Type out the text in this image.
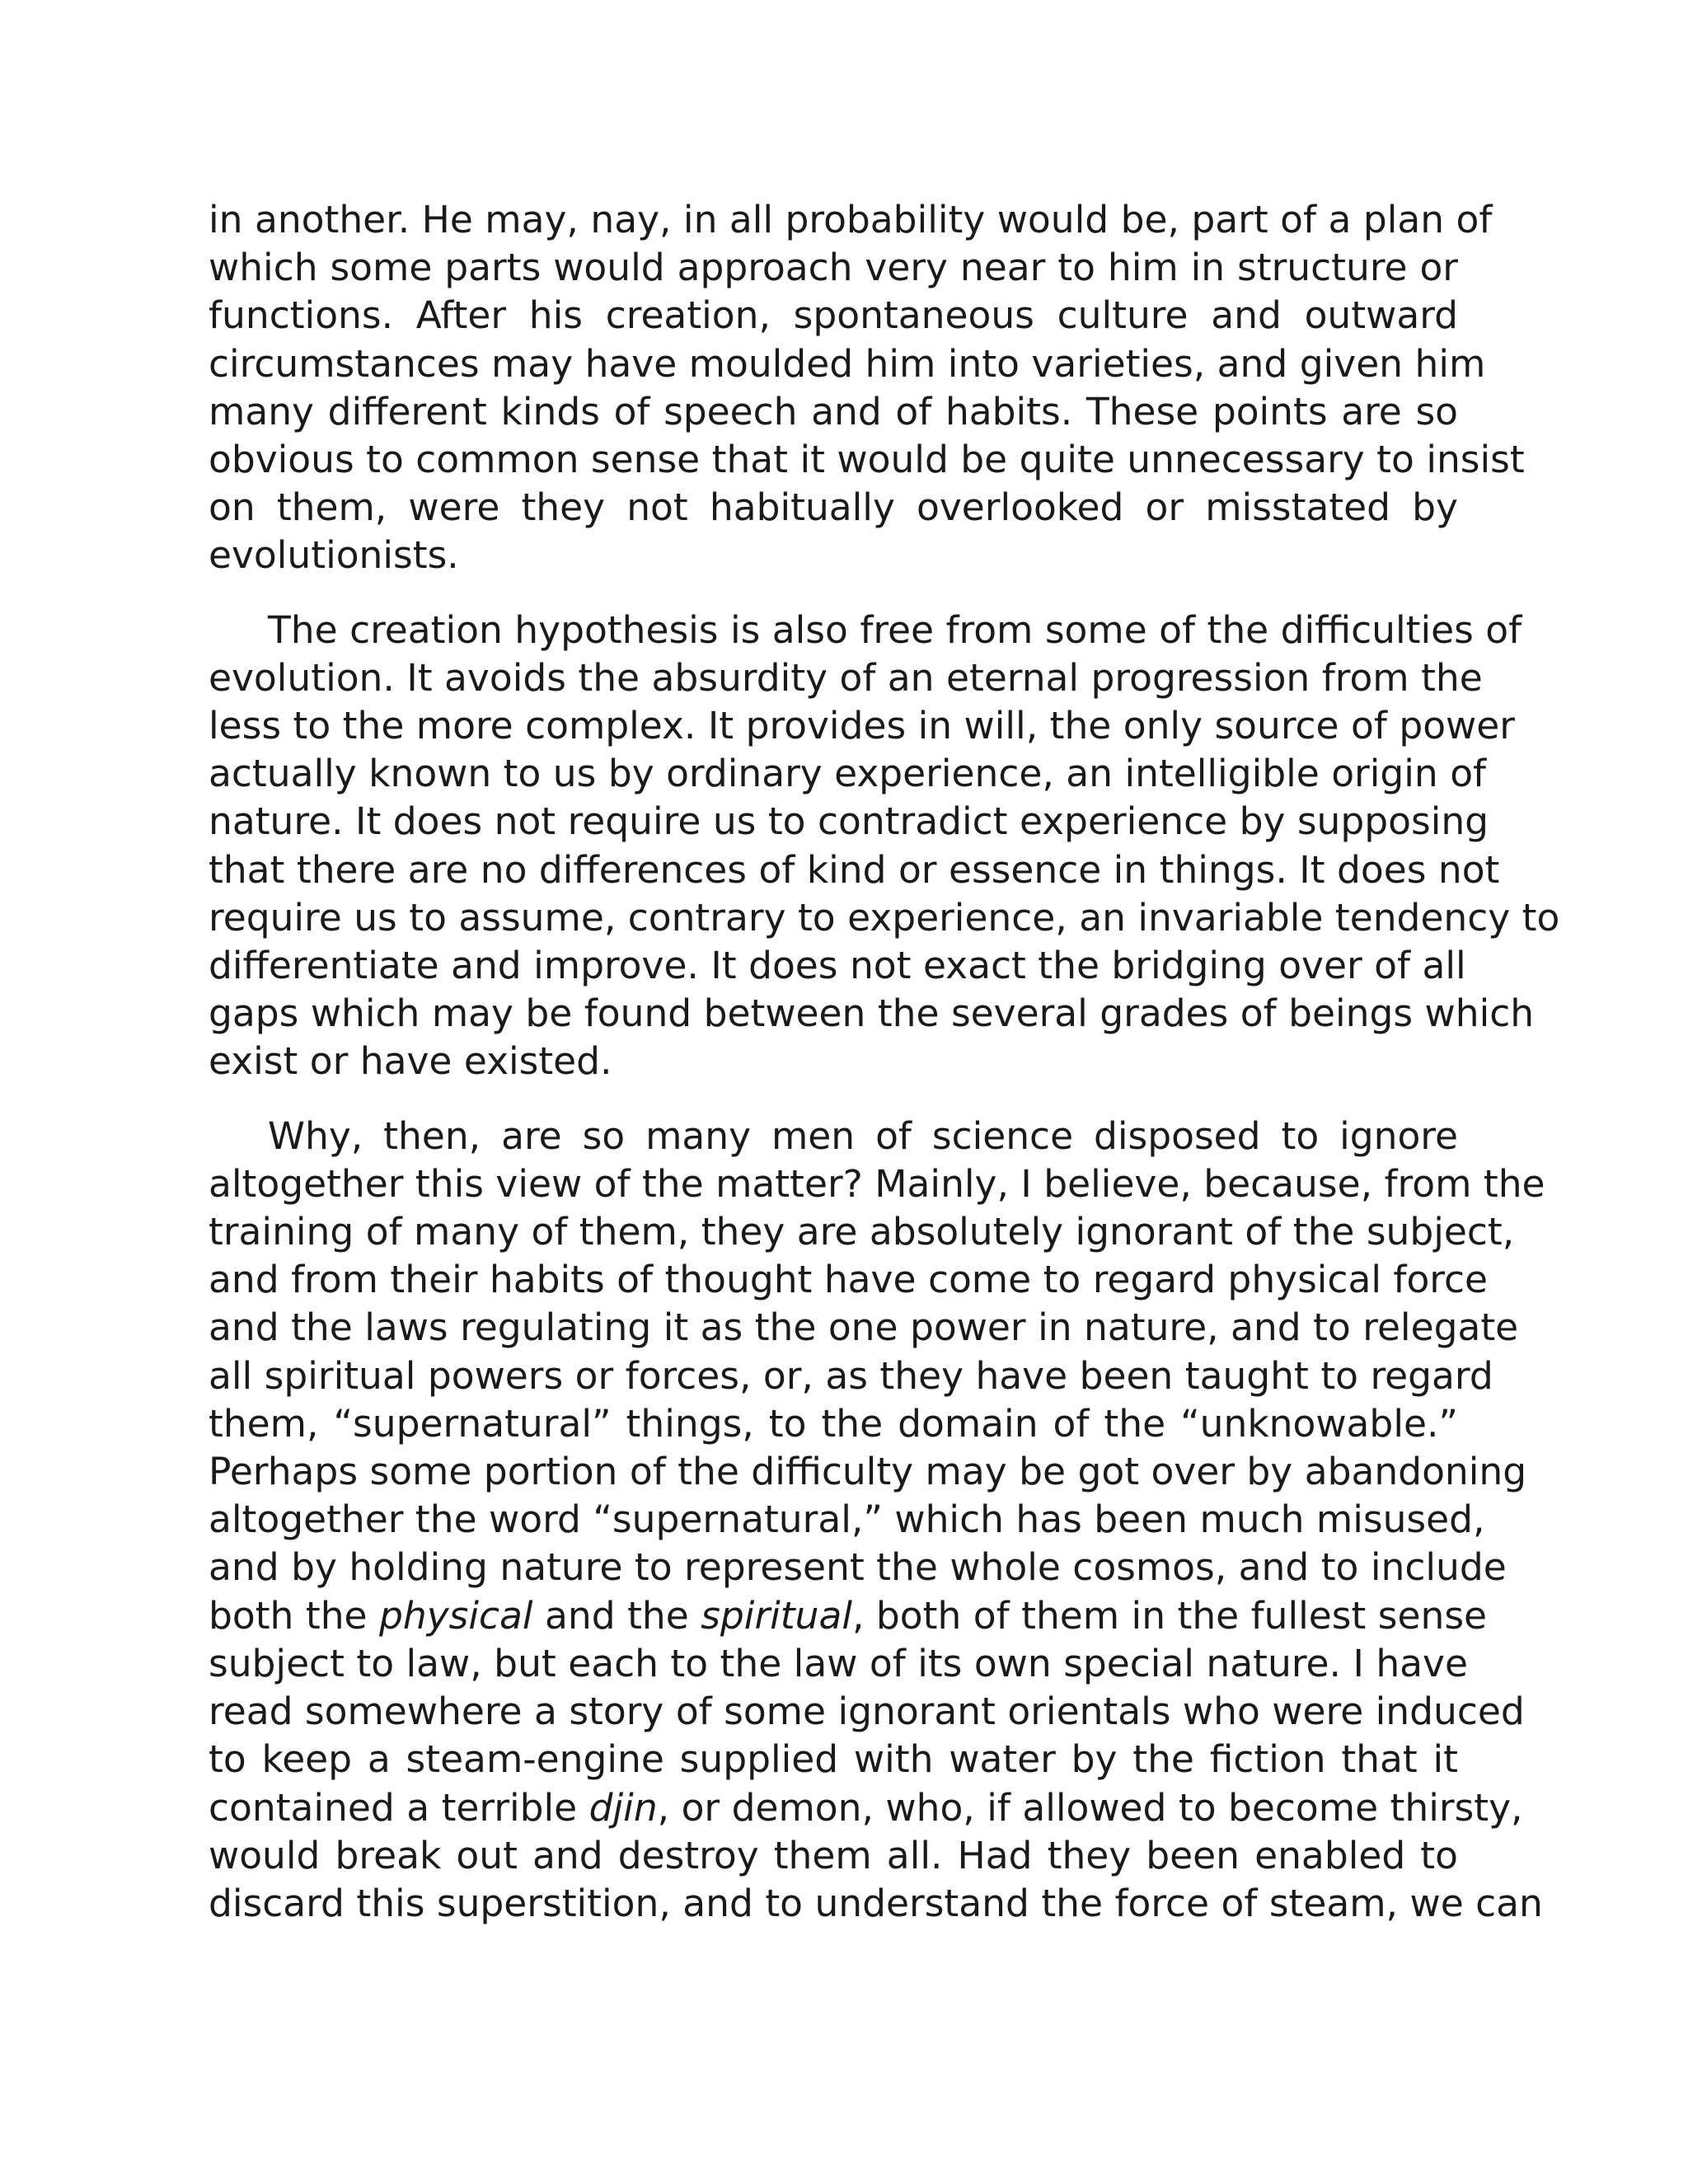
in another. He may, nay, in all probability would be, part of a plan of
which some parts would approach very near to him in structure or
functions. After his creation, spontaneous culture and outward
circumstances may have moulded him into varieties, and given him
many different kinds of speech and of habits. These points are so
obvious to common sense that it would be quite unnecessary to insist
on them, were they not habitually overlooked or misstated by
evolutionists.
The creation hypothesis is also free from some of the difficulties of
evolution. It avoids the absurdity of an eternal progression from the
less to the more complex. It provides in will, the only source of power
actually known to us by ordinary experience, an intelligible origin of
nature. It does not require us to contradict experience by supposing
that there are no differences of kind or essence in things. It does not
require us to assume, contrary to experience, an invariable tendency to
differentiate and improve. It does not exact the bridging over of all
gaps which may be found between the several grades of beings which
exist or have existed.
Why, then, are so many men of science disposed to ignore
altogether this view of the matter? Mainly, I believe, because, from the
training of many of them, they are absolutely ignorant of the subject,
and from their habits of thought have come to regard physical force
and the laws regulating it as the one power in nature, and to relegate
all spiritual powers or forces, or, as they have been taught to regard
them, “supernatural” things, to the domain of the “unknowable.”
Perhaps some portion of the difficulty may be got over by abandoning
altogether the word “supernatural,” which has been much misused,
and by holding nature to represent the whole cosmos, and to include
both the physical and the spiritual, both of them in the fullest sense
subject to law, but each to the law of its own special nature. I have
read somewhere a story of some ignorant orientals who were induced
to keep a steam-engine supplied with water by the fiction that it
contained a terrible djin, or demon, who, if allowed to become thirsty,
would break out and destroy them all. Had they been enabled to
discard this superstition, and to understand the force of steam, we can
